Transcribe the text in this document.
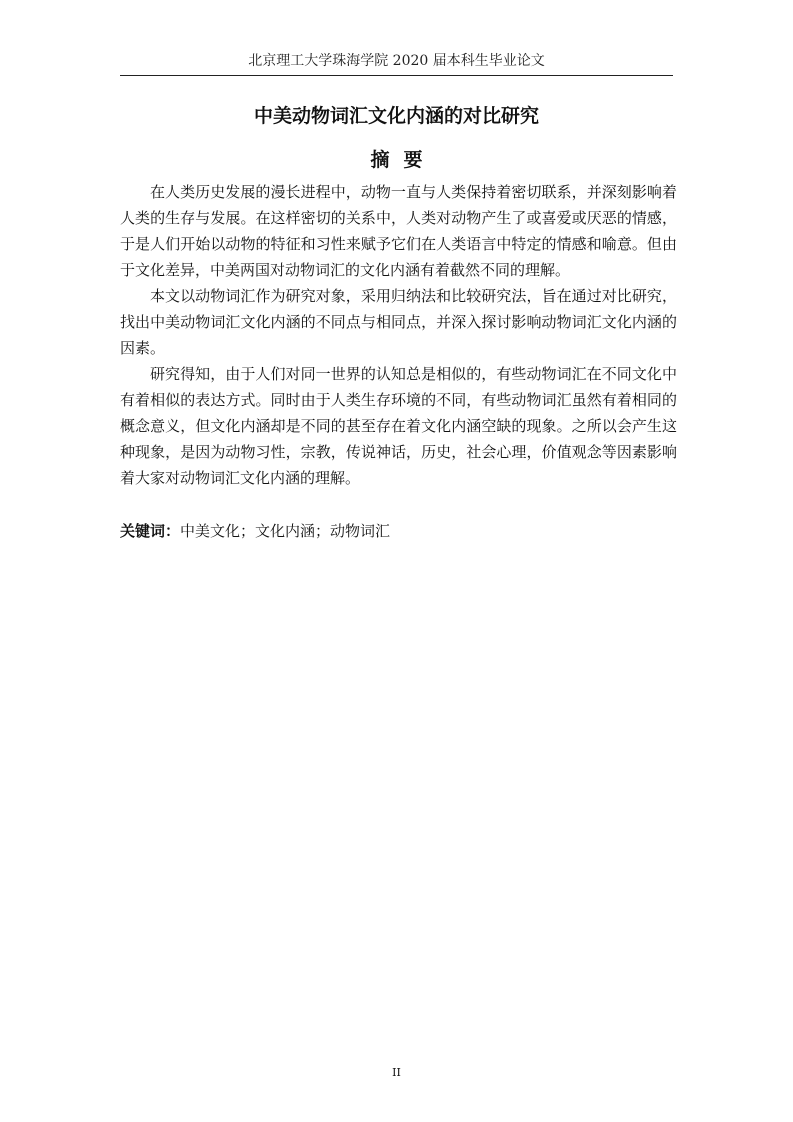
北京理工大学珠海学院 2020 届本科生毕业论文
中美动物词汇文化内涵的对比研究
摘要

在人类历史发展的漫长进程中，动物一直与人类保持着密切联系，并深刻影响着人类的生存与发展。在这样密切的关系中，人类对动物产生了或喜爱或厌恶的情感，于是人们开始以动物的特征和习性来赋予它们在人类语言中特定的情感和喻意。但由于文化差异，中美两国对动物词汇的文化内涵有着截然不同的理解。

本文以动物词汇作为研究对象，采用归纳法和比较研究法，旨在通过对比研究，找出中美动物词汇文化内涵的不同点与相同点，并深入探讨影响动物词汇文化内涵的因素。

研究得知，由于人们对同一世界的认知总是相似的，有些动物词汇在不同文化中有着相似的表达方式。同时由于人类生存环境的不同，有些动物词汇虽然有着相同的概念意义，但文化内涵却是不同的甚至存在着文化内涵空缺的现象。之所以会产生这种现象，是因为动物习性，宗教，传说神话，历史，社会心理，价值观念等因素影响着大家对动物词汇文化内涵的理解。

关键词：中美文化；文化内涵；动物词汇
II
